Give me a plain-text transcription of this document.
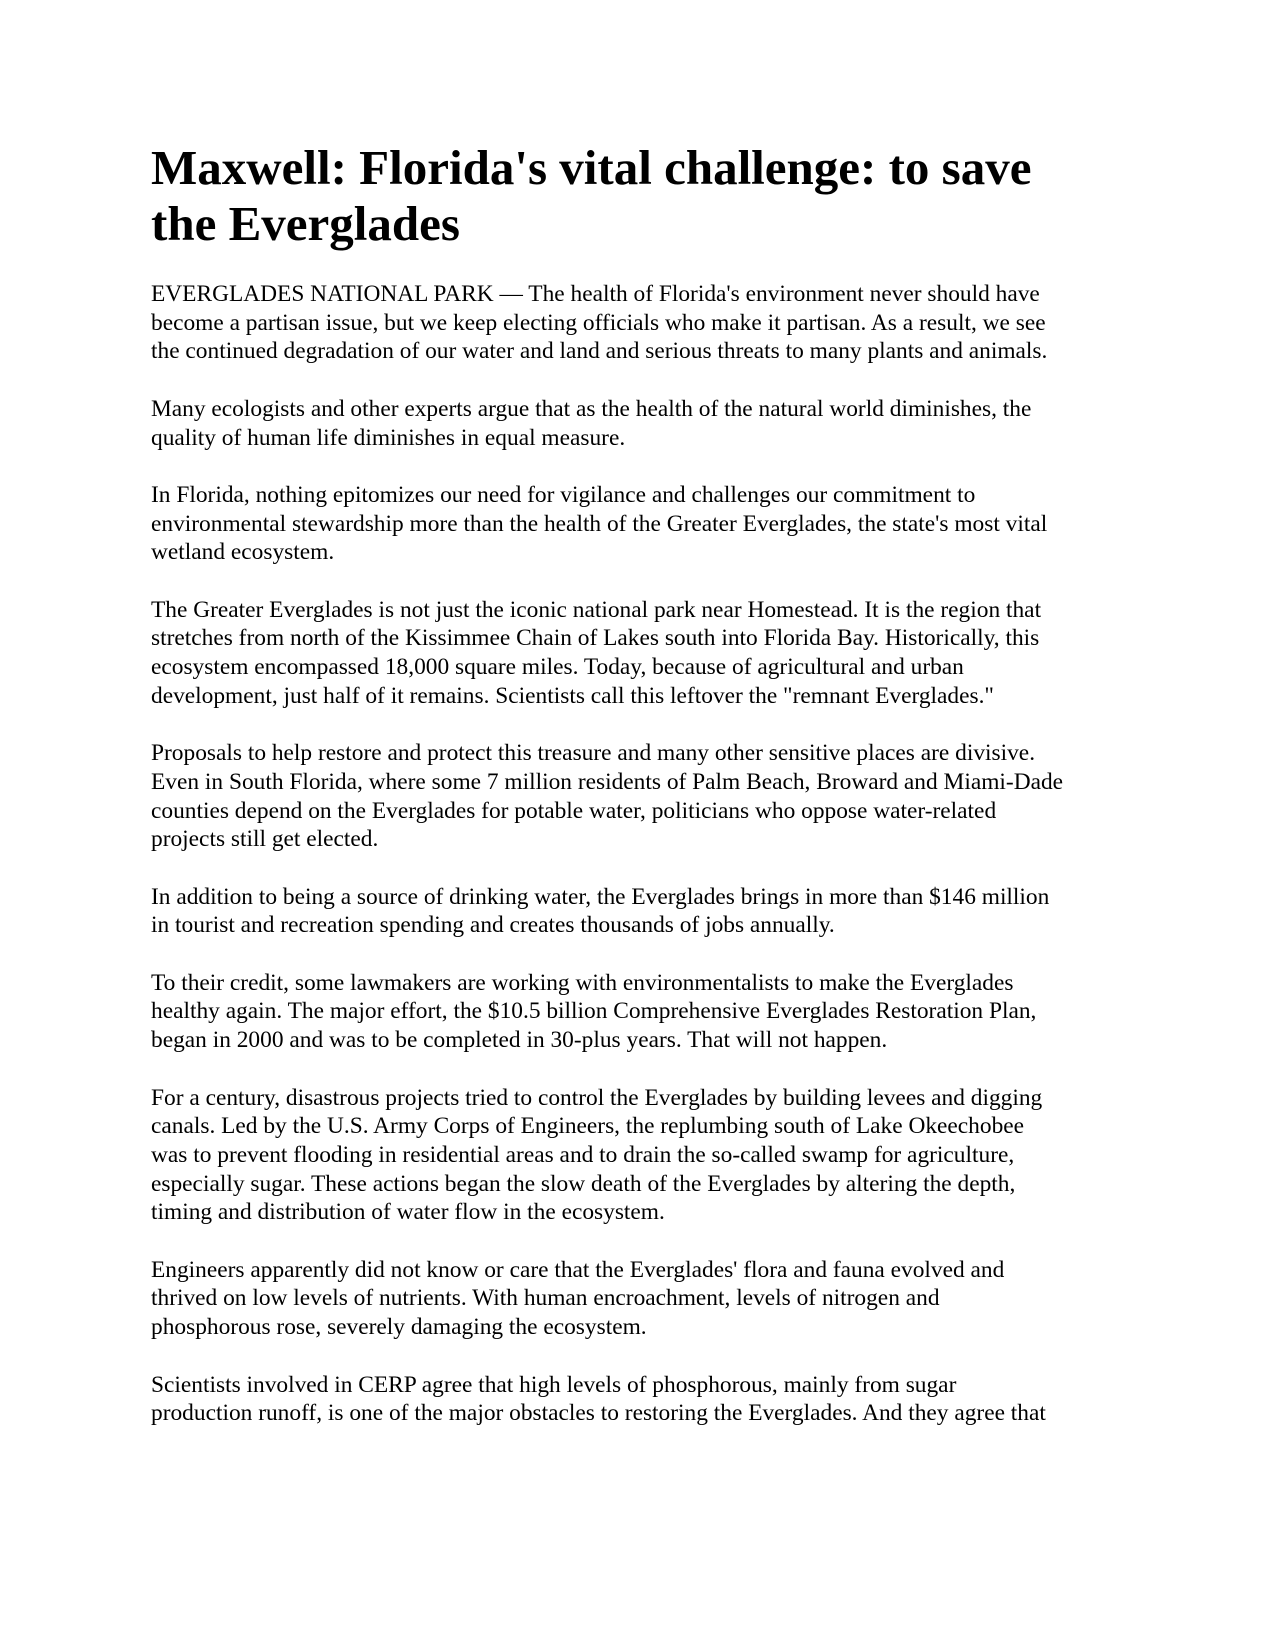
Maxwell: Florida's vital challenge: to save
the Everglades

EVERGLADES NATIONAL PARK — The health of Florida's environment never should have
become a partisan issue, but we keep electing officials who make it partisan. As a result, we see
the continued degradation of our water and land and serious threats to many plants and animals.

Many ecologists and other experts argue that as the health of the natural world diminishes, the
quality of human life diminishes in equal measure.

In Florida, nothing epitomizes our need for vigilance and challenges our commitment to
environmental stewardship more than the health of the Greater Everglades, the state's most vital
wetland ecosystem.

The Greater Everglades is not just the iconic national park near Homestead. It is the region that
stretches from north of the Kissimmee Chain of Lakes south into Florida Bay. Historically, this
ecosystem encompassed 18,000 square miles. Today, because of agricultural and urban
development, just half of it remains. Scientists call this leftover the "remnant Everglades."

Proposals to help restore and protect this treasure and many other sensitive places are divisive.
Even in South Florida, where some 7 million residents of Palm Beach, Broward and Miami-Dade
counties depend on the Everglades for potable water, politicians who oppose water-related
projects still get elected.

In addition to being a source of drinking water, the Everglades brings in more than $146 million
in tourist and recreation spending and creates thousands of jobs annually.

To their credit, some lawmakers are working with environmentalists to make the Everglades
healthy again. The major effort, the $10.5 billion Comprehensive Everglades Restoration Plan,
began in 2000 and was to be completed in 30-plus years. That will not happen.

For a century, disastrous projects tried to control the Everglades by building levees and digging
canals. Led by the U.S. Army Corps of Engineers, the replumbing south of Lake Okeechobee
was to prevent flooding in residential areas and to drain the so-called swamp for agriculture,
especially sugar. These actions began the slow death of the Everglades by altering the depth,
timing and distribution of water flow in the ecosystem.

Engineers apparently did not know or care that the Everglades' flora and fauna evolved and
thrived on low levels of nutrients. With human encroachment, levels of nitrogen and
phosphorous rose, severely damaging the ecosystem.

Scientists involved in CERP agree that high levels of phosphorous, mainly from sugar
production runoff, is one of the major obstacles to restoring the Everglades. And they agree that
